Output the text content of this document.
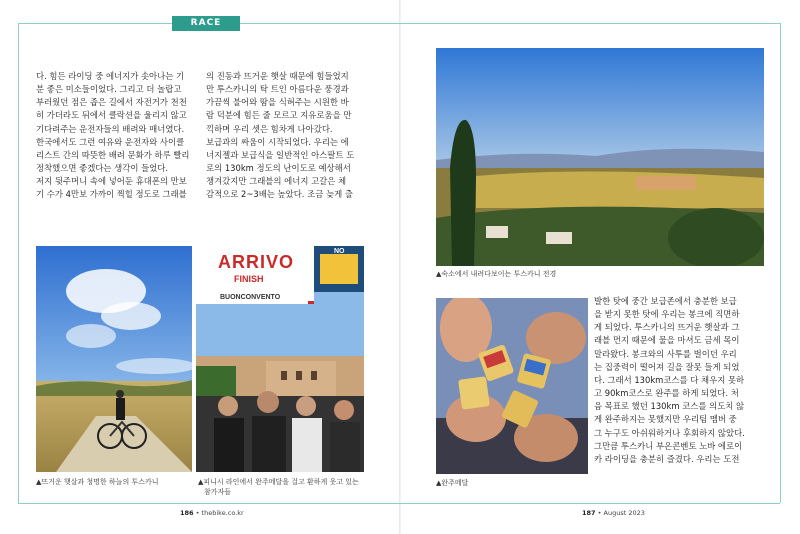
RACE

다. 힘든 라이딩 중 에너지가 솟아나는 기

분 좋은 미소들이었다. 그리고 더 놀랍고

부러웠던 점은 좁은 길에서 자전거가 천천

히 가더라도 뒤에서 클락션을 울리지 않고

기다려주는 운전자들의 배려와 매너였다.

한국에서도 그런 여유와 운전자와 사이클

리스트 간의 따뜻한 배려 문화가 하루 빨리

정착했으면 좋겠다는 생각이 들었다.

저지 뒷주머니 속에 넣어둔 휴대폰의 만보

기 수가 4만보 가까이 찍힐 정도로 그래블

의 진동과 뜨거운 햇살 때문에 힘들었지

만 투스카니의 탁 트인 아름다운 풍경과

가끔씩 불어와 땀을 식혀주는 시원한 바

람 덕분에 힘든 줄 모르고 지유로움을 만

끽하며 우리 셋은 힘차게 나아갔다.

보급과의 싸움이 시작되었다. 우리는 에

너지젤과 보급식을 일반적인 아스팔트 도

로의 130km 정도의 난이도로 예상해서

챙겨갔지만 그래블의 에너지 고갈은 체

감적으로 2~3배는 높았다. 조금 늦게 출

▲뜨거운 햇살과 청명한 하늘의 투스카니
ARRIVO
FINISH
BUONCONVENTO
NO
▲피니시 라인에서 완주메달을 걸고 환하게 웃고 있는
참가자들
▲숙소에서 내려다보이는 투스카니 전경
▲완주메달

발한 탓에 중간 보급존에서 충분한 보급

을 받지 못한 탓에 우리는 봉크에 직면하

게 되었다. 투스카니의 뜨거운 햇살과 그

래블 먼지 때문에 물을 마셔도 금세 목이

말라왔다. 봉크와의 사투를 벌이던 우리

는 집중력이 떨어져 길을 잘못 들게 되었

다. 그래서 130km코스를 다 채우지 못하

고 90km코스로 완주를 하게 되었다. 처

음 목표로 했던 130km 코스를 의도치 않

게 완주하지는 못했지만 우리팀 멤버 중

그 누구도 아쉬워하거나 후회하지 않았다.

그만큼 투스카니 부온콘벤토 노바 에로이

카 라이딩을 충분히 즐겼다. 우리는 도전

186 • thebike.co.kr	187 • August 2023
